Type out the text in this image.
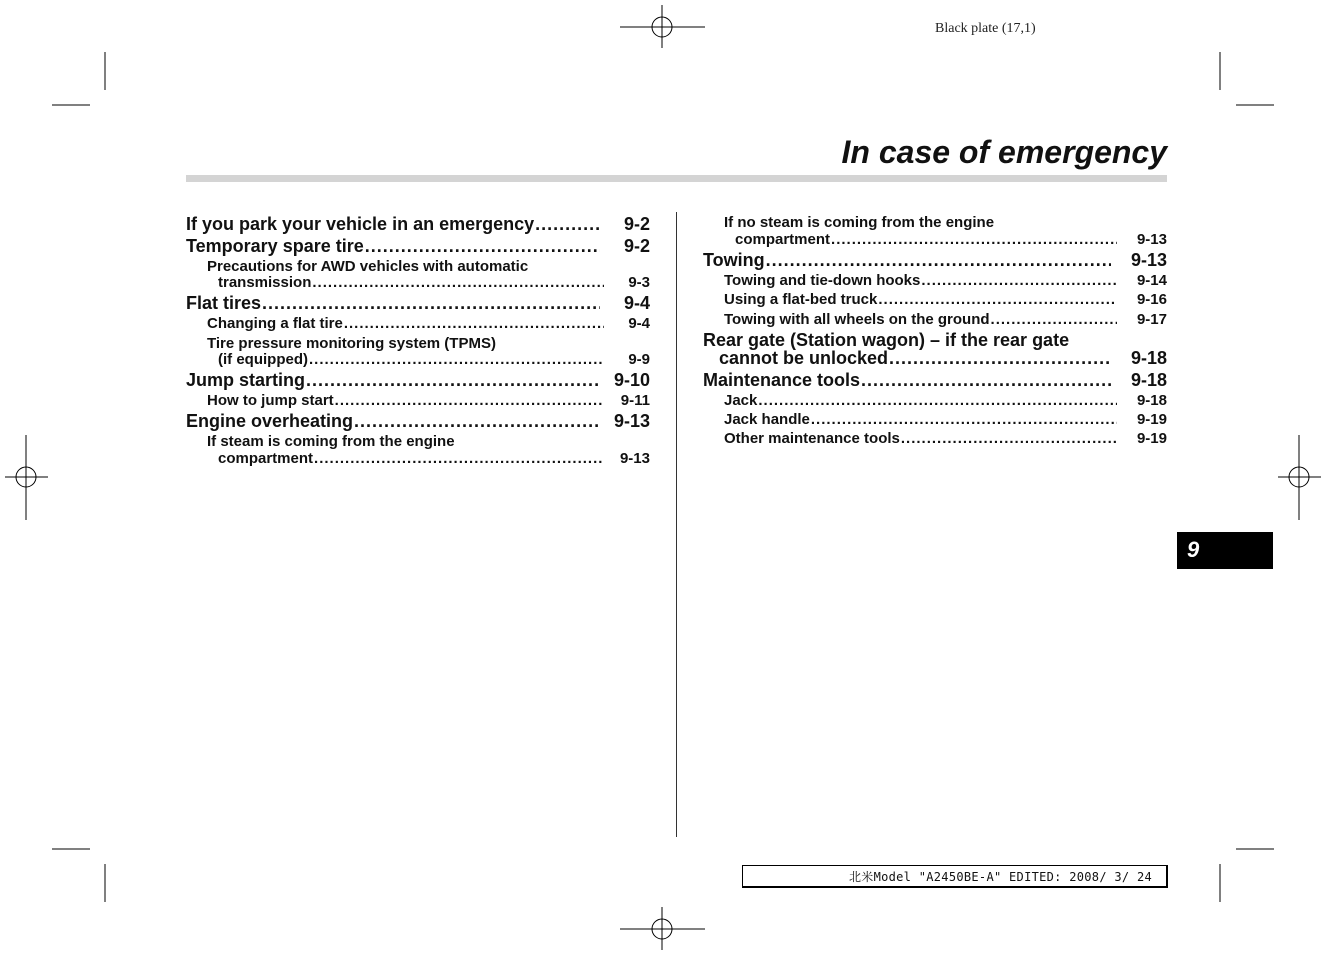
Black plate (17,1)
In case of emergency
If you park your vehicle in an emergency .....	9-2
Temporary spare tire .....	9-2
Precautions for AWD vehicles with automatic
transmission .....	9-3
Flat tires .....	9-4
Changing a flat tire .....	9-4
Tire pressure monitoring system (TPMS)
(if equipped) .....	9-9
Jump starting .....	9-10
How to jump start .....	9-11
Engine overheating .....	9-13
If steam is coming from the engine
compartment .....	9-13
If no steam is coming from the engine
compartment .....	9-13
Towing .....	9-13
Towing and tie-down hooks .....	9-14
Using a flat-bed truck .....	9-16
Towing with all wheels on the ground .....	9-17
Rear gate (Station wagon) – if the rear gate
cannot be unlocked .....	9-18
Maintenance tools .....	9-18
Jack .....	9-18
Jack handle .....	9-19
Other maintenance tools .....	9-19
9
北米Model "A2450BE-A" EDITED: 2008/ 3/ 24
